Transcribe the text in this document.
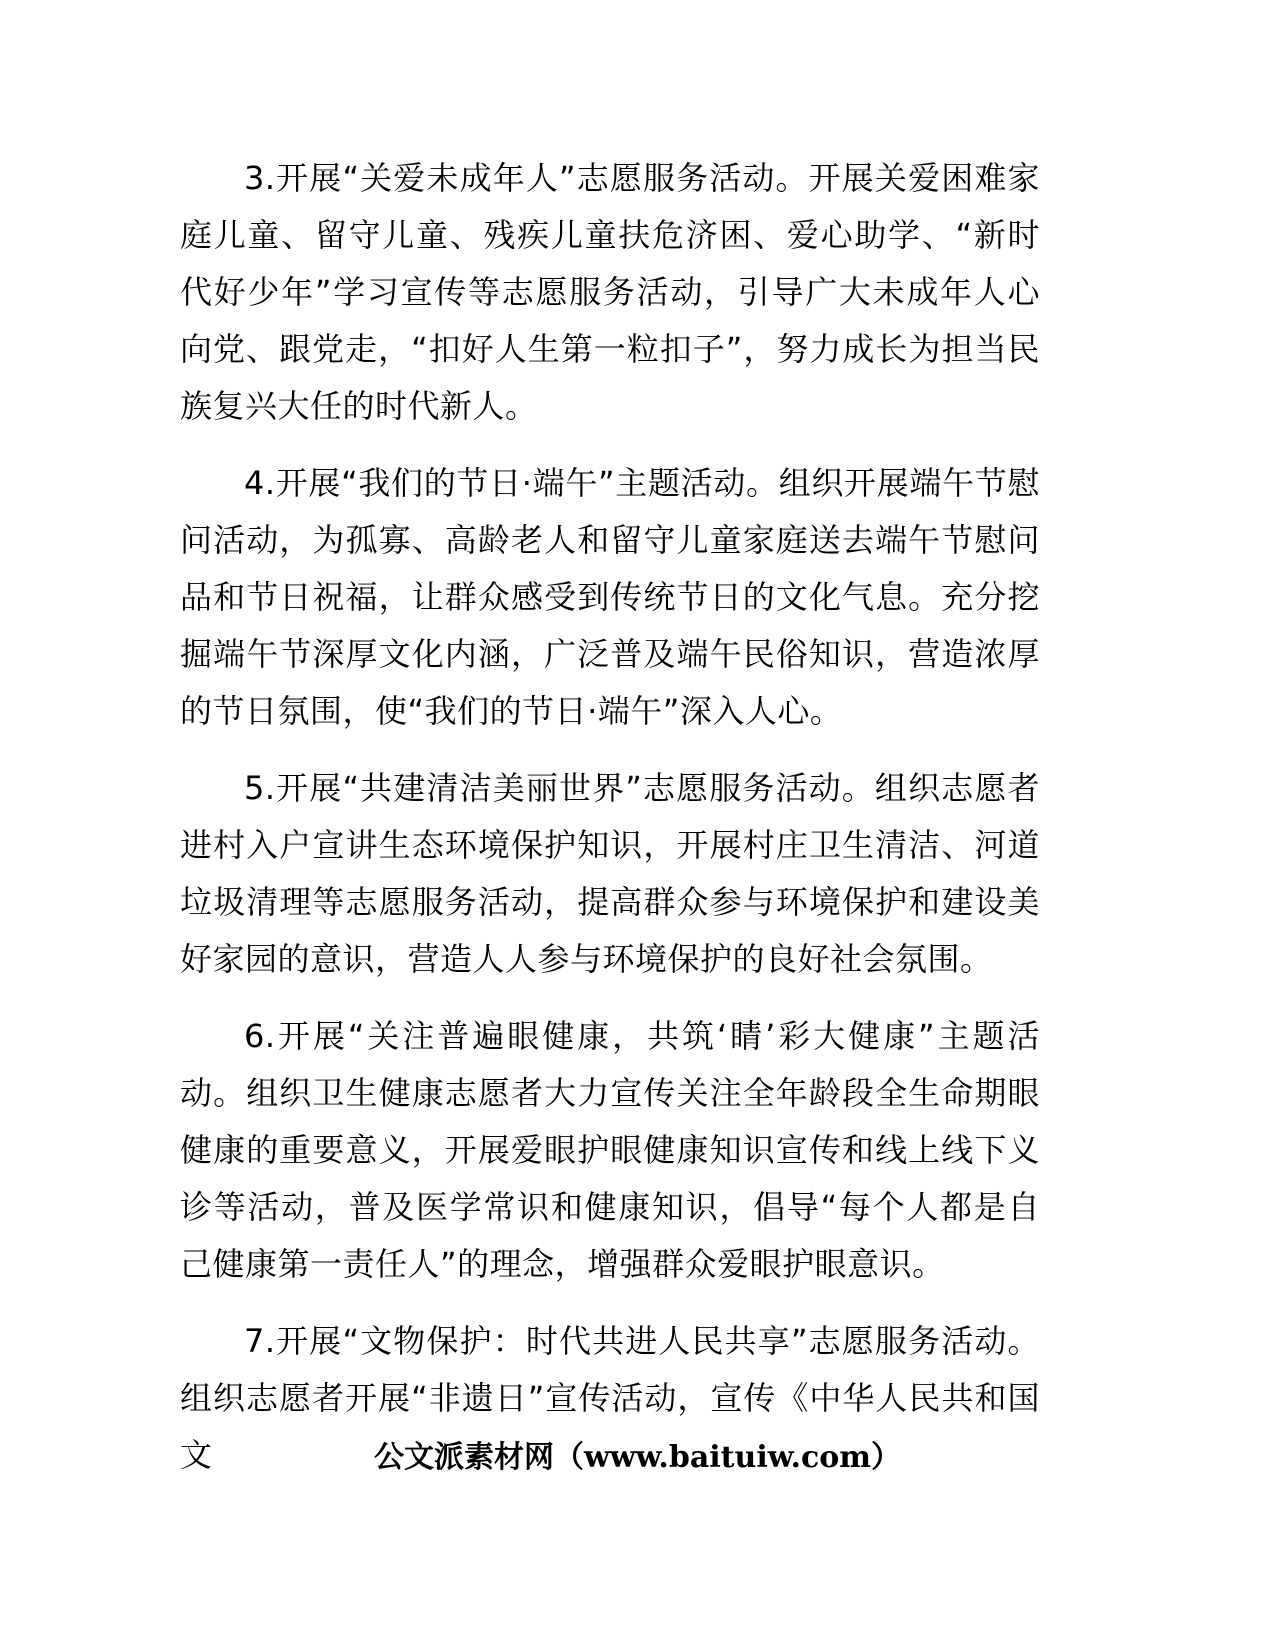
3.开展“关爱未成年人”志愿服务活动。开展关爱困难家庭儿童、留守儿童、残疾儿童扶危济困、爱心助学、“新时代好少年”学习宣传等志愿服务活动，引导广大未成年人心向党、跟党走，“扣好人生第一粒扣子”，努力成长为担当民族复兴大任的时代新人。

4.开展“我们的节日·端午”主题活动。组织开展端午节慰问活动，为孤寡、高龄老人和留守儿童家庭送去端午节慰问品和节日祝福，让群众感受到传统节日的文化气息。充分挖掘端午节深厚文化内涵，广泛普及端午民俗知识，营造浓厚的节日氛围，使“我们的节日·端午”深入人心。

5.开展“共建清洁美丽世界”志愿服务活动。组织志愿者进村入户宣讲生态环境保护知识，开展村庄卫生清洁、河道垃圾清理等志愿服务活动，提高群众参与环境保护和建设美好家园的意识，营造人人参与环境保护的良好社会氛围。

6.开展“关注普遍眼健康，共筑‘睛’彩大健康”主题活动。组织卫生健康志愿者大力宣传关注全年龄段全生命期眼健康的重要意义，开展爱眼护眼健康知识宣传和线上线下义诊等活动，普及医学常识和健康知识，倡导“每个人都是自己健康第一责任人”的理念，增强群众爱眼护眼意识。

7.开展“文物保护：时代共进人民共享”志愿服务活动。组织志愿者开展“非遗日”宣传活动，宣传《中华人民共和国文	公文派素材网（www.baituiw.com）
